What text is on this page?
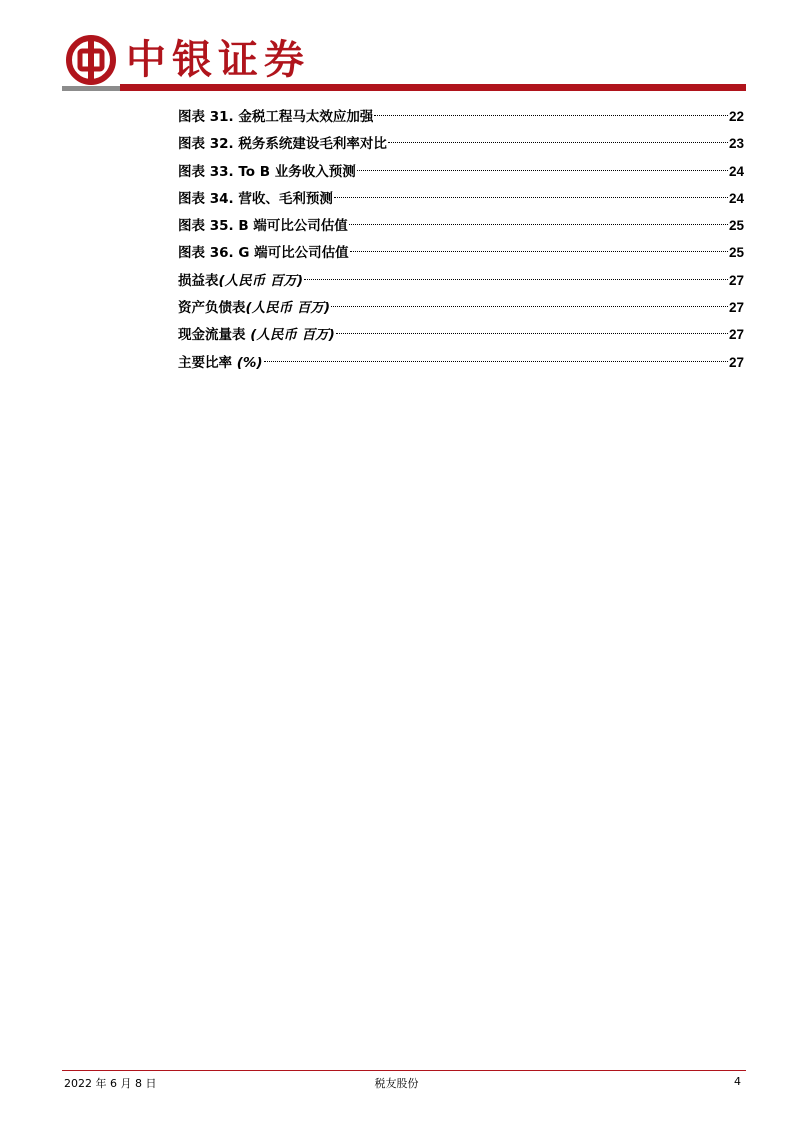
中银证券
图表 31. 金税工程马太效应加强	22
图表 32. 税务系统建设毛利率对比	23
图表 33. To B 业务收入预测	24
图表 34. 营收、毛利预测	24
图表 35. B 端可比公司估值	25
图表 36. G 端可比公司估值	25
损益表(人民币 百万)	27
资产负债表(人民币 百万)	27
现金流量表 (人民币 百万)	27
主要比率 (%)	27
2022 年 6 月 8 日	税友股份	4
